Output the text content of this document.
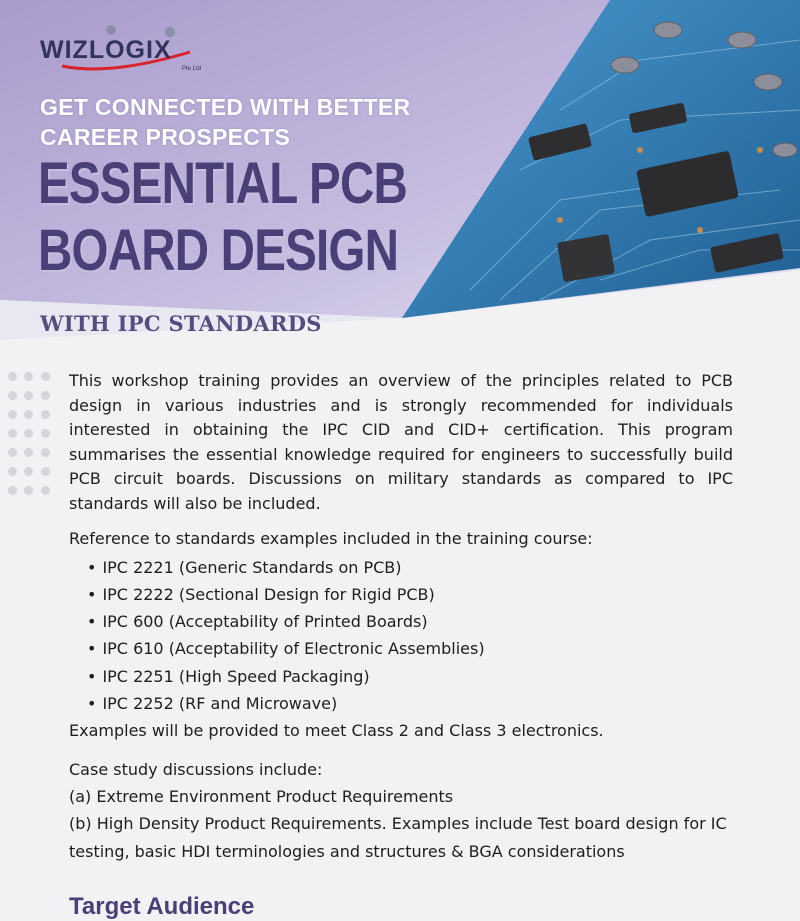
WIZLOGIX
Pte Ltd
GET CONNECTED WITH BETTER
CAREER PROSPECTS
ESSENTIAL PCB
BOARD DESIGN
WITH IPC STANDARDS

This workshop training provides an overview of the principles related to PCB design in various industries and is strongly recommended for individuals interested in obtaining the IPC CID and CID+ certification. This program summarises the essential knowledge required for engineers to successfully build PCB circuit boards. Discussions on military standards as compared to IPC standards will also be included.

Reference to standards examples included in the training course:

• IPC 2221 (Generic Standards on PCB)
• IPC 2222 (Sectional Design for Rigid PCB)
• IPC 600 (Acceptability of Printed Boards)
• IPC 610 (Acceptability of Electronic Assemblies)
• IPC 2251 (High Speed Packaging)
• IPC 2252 (RF and Microwave)

Examples will be provided to meet Class 2 and Class 3 electronics.

Case study discussions include:

(a) Extreme Environment Product Requirements

(b) High Density Product Requirements. Examples include Test board design for IC testing, basic HDI terminologies and structures & BGA considerations

Target Audience
